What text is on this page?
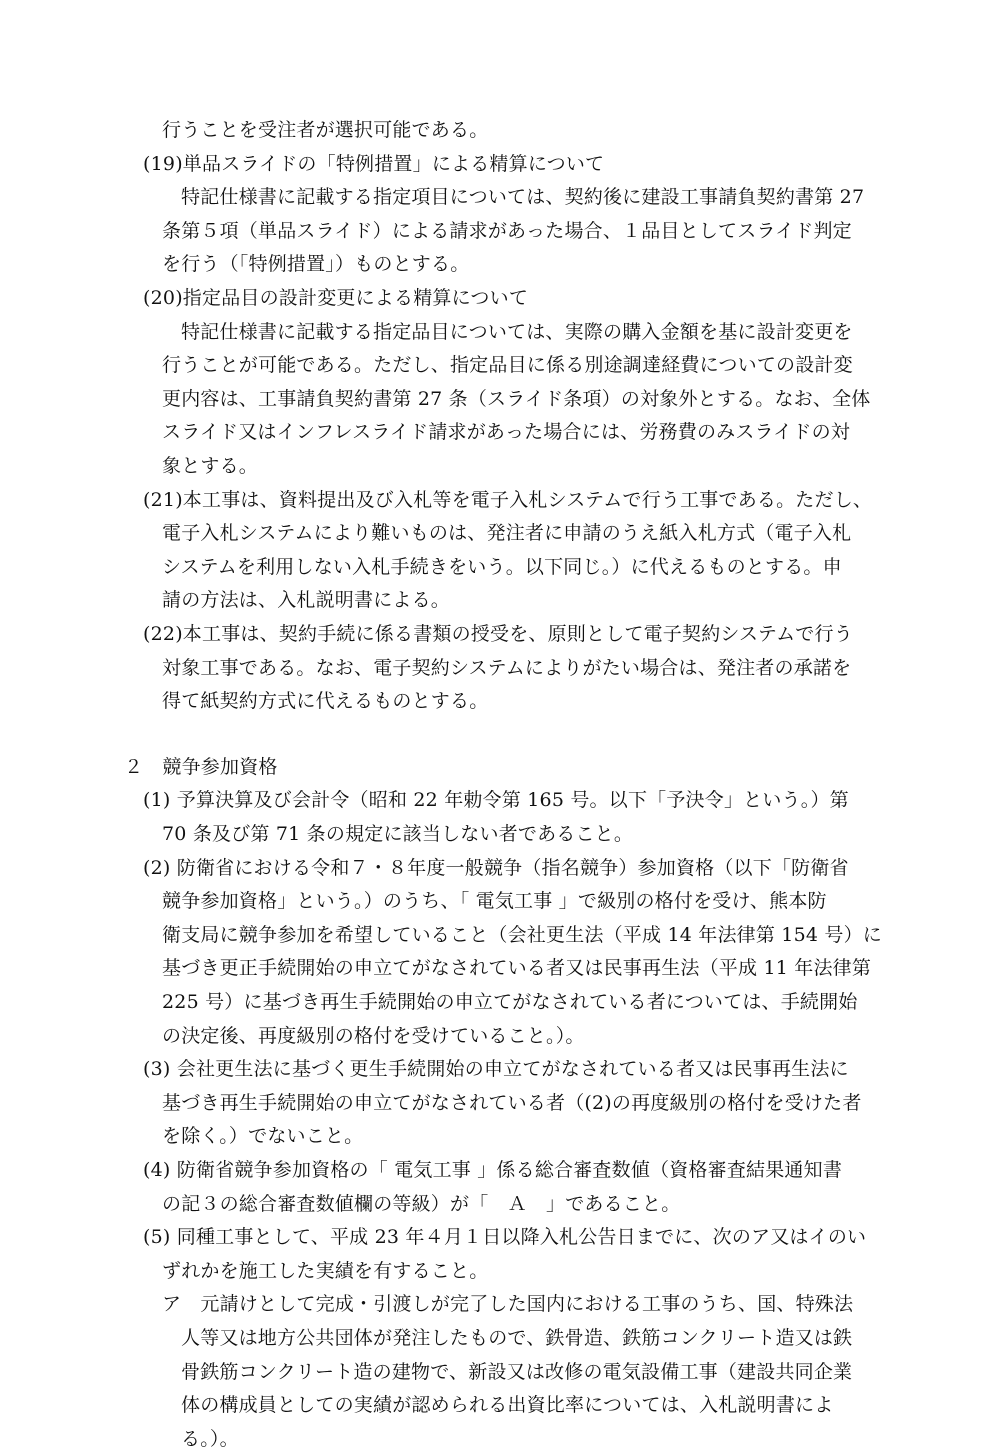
行うことを受注者が選択可能である。
(19)単品スライドの「特例措置」による精算について
特記仕様書に記載する指定項目については、契約後に建設工事請負契約書第 27
条第５項（単品スライド）による請求があった場合、１品目としてスライド判定
を行う（「特例措置」）ものとする。
(20)指定品目の設計変更による精算について
特記仕様書に記載する指定品目については、実際の購入金額を基に設計変更を
行うことが可能である。ただし、指定品目に係る別途調達経費についての設計変
更内容は、工事請負契約書第 27 条（スライド条項）の対象外とする。なお、全体
スライド又はインフレスライド請求があった場合には、労務費のみスライドの対
象とする。
(21)本工事は、資料提出及び入札等を電子入札システムで行う工事である。ただし、
電子入札システムにより難いものは、発注者に申請のうえ紙入札方式（電子入札
システムを利用しない入札手続きをいう。以下同じ。）に代えるものとする。申
請の方法は、入札説明書による。
(22)本工事は、契約手続に係る書類の授受を、原則として電子契約システムで行う
対象工事である。なお、電子契約システムによりがたい場合は、発注者の承諾を
得て紙契約方式に代えるものとする。
２　競争参加資格
(1) 予算決算及び会計令（昭和 22 年勅令第 165 号。以下「予決令」という。）第
70 条及び第 71 条の規定に該当しない者であること。
(2) 防衛省における令和７・８年度一般競争（指名競争）参加資格（以下「防衛省
競争参加資格」という。）のうち、「 電気工事 」で級別の格付を受け、熊本防
衛支局に競争参加を希望していること（会社更生法（平成 14 年法律第 154 号）に
基づき更正手続開始の申立てがなされている者又は民事再生法（平成 11 年法律第
225 号）に基づき再生手続開始の申立てがなされている者については、手続開始
の決定後、再度級別の格付を受けていること。）。
(3) 会社更生法に基づく更生手続開始の申立てがなされている者又は民事再生法に
基づき再生手続開始の申立てがなされている者（(2)の再度級別の格付を受けた者
を除く。）でないこと。
(4) 防衛省競争参加資格の「 電気工事 」係る総合審査数値（資格審査結果通知書
の記３の総合審査数値欄の等級）が「　Ａ　」であること。
(5) 同種工事として、平成 23 年４月１日以降入札公告日までに、次のア又はイのい
ずれかを施工した実績を有すること。
ア　元請けとして完成・引渡しが完了した国内における工事のうち、国、特殊法
人等又は地方公共団体が発注したもので、鉄骨造、鉄筋コンクリート造又は鉄
骨鉄筋コンクリート造の建物で、新設又は改修の電気設備工事（建設共同企業
体の構成員としての実績が認められる出資比率については、入札説明書によ
る。）。
